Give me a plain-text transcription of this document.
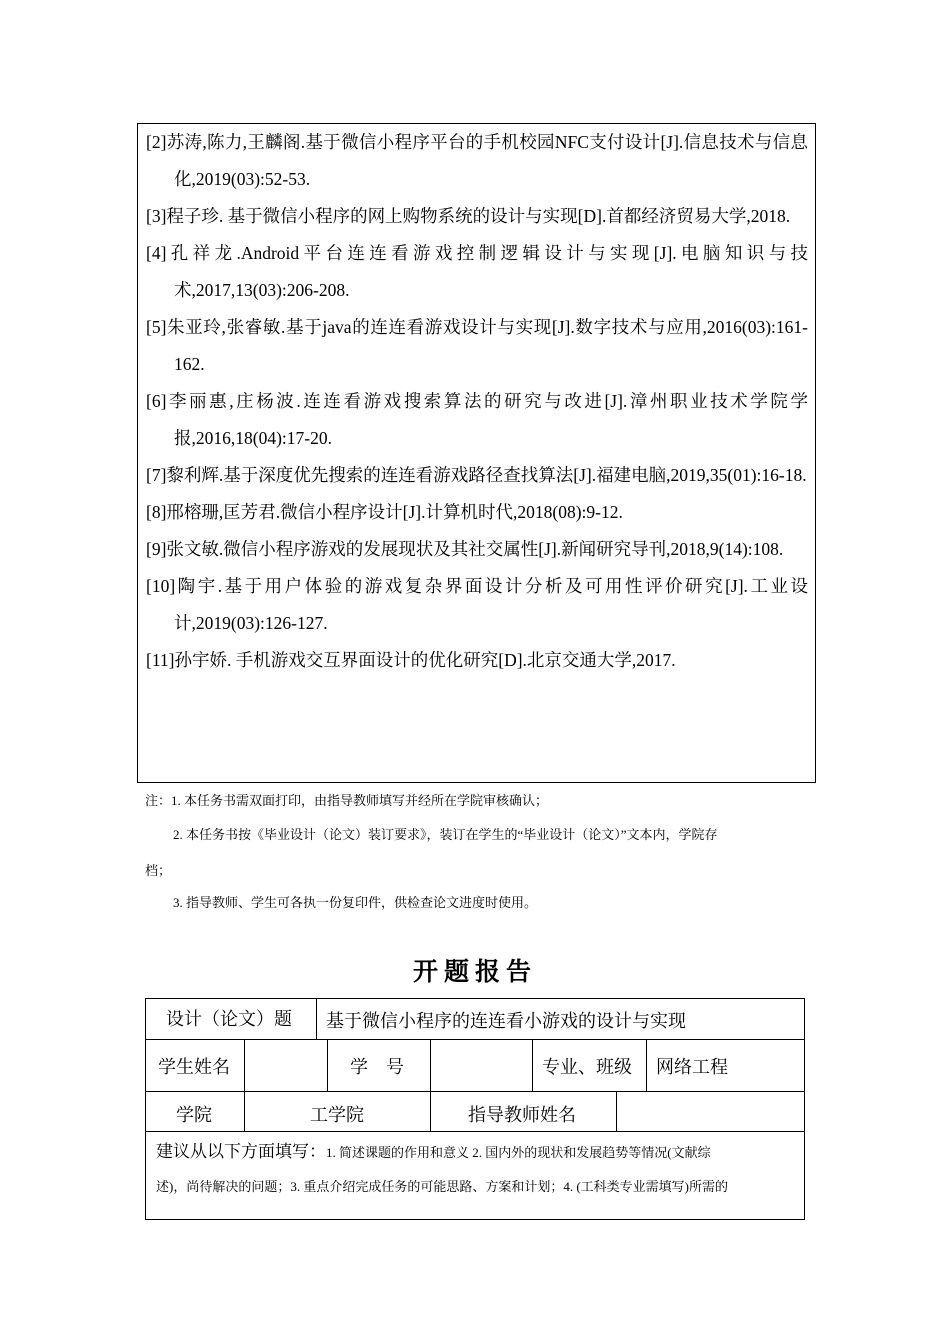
[2]苏涛,陈力,王麟阁.基于微信小程序平台的手机校园NFC支付设计[J].信息技术与信息化,2019(03):52-53.

[3]程子珍. 基于微信小程序的网上购物系统的设计与实现[D].首都经济贸易大学,2018.

[4]孔祥龙.Android平台连连看游戏控制逻辑设计与实现[J].电脑知识与技术,2017,13(03):206-208.

[5]朱亚玲,张睿敏.基于java的连连看游戏设计与实现[J].数字技术与应用,2016(03):161-162.

[6]李丽惠,庄杨波.连连看游戏搜索算法的研究与改进[J].漳州职业技术学院学报,2016,18(04):17-20.

[7]黎利辉.基于深度优先搜索的连连看游戏路径查找算法[J].福建电脑,2019,35(01):16-18.

[8]邢榕珊,匡芳君.微信小程序设计[J].计算机时代,2018(08):9-12.

[9]张文敏.微信小程序游戏的发展现状及其社交属性[J].新闻研究导刊,2018,9(14):108.

[10]陶宇.基于用户体验的游戏复杂界面设计分析及可用性评价研究[J].工业设计,2019(03):126-127.

[11]孙宇娇. 手机游戏交互界面设计的优化研究[D].北京交通大学,2017.

注：1. 本任务书需双面打印，由指导教师填写并经所在学院审核确认；
2. 本任务书按《毕业设计（论文）装订要求》，装订在学生的“毕业设计（论文）”文本内，学院存
档；
3. 指导教师、学生可各执一份复印件，供检查论文进度时使用。
开题报告
设计（论文）题 基于微信小程序的连连看小游戏的设计与实现
学生姓名	学　号	专业、班级 网络工程
学院	工学院	指导教师姓名
建议从以下方面填写：1. 简述课题的作用和意义 2. 国内外的现状和发展趋势等情况(文献综
述)，尚待解决的问题；3. 重点介绍完成任务的可能思路、方案和计划；4. (工科类专业需填写)所需的
